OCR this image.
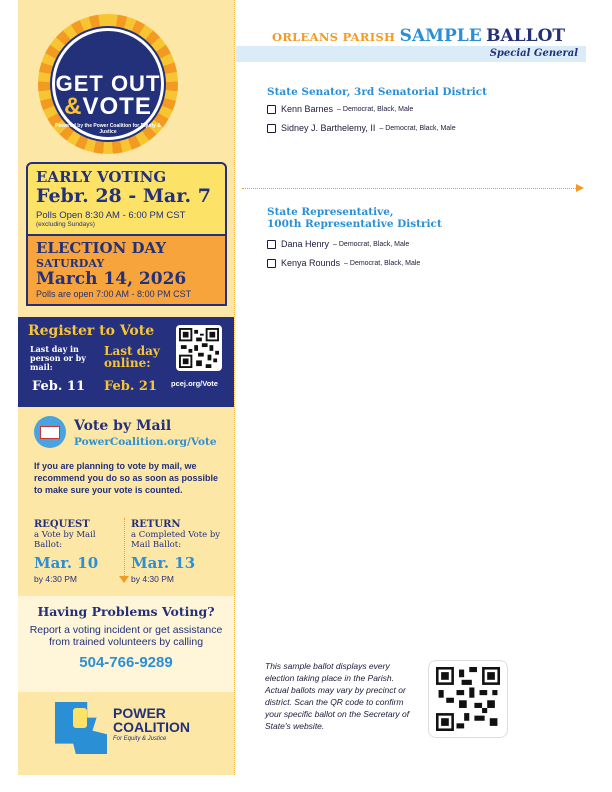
GET OUT
&VOTE
Powered by the Power Coalition for Equity & Justice
EARLY VOTING
Febr. 28 - Mar. 7
Polls Open 8:30 AM - 6:00 PM CST
(excluding Sundays)
ELECTION DAY
SATURDAY
March 14, 2026
Polls are open 7:00 AM - 8:00 PM CST
Register to Vote
Last day in person or by mail:
Last day online:
Feb. 11 Feb. 21 pcej.org/Vote
Vote by Mail
PowerCoalition.org/Vote
If you are planning to vote by mail, we recommend you do so as soon as possible to make sure your vote is counted.
REQUEST
a Vote by Mail Ballot:
Mar. 10
by 4:30 PM
RETURN
a Completed Vote by Mail Ballot:
Mar. 13
by 4:30 PM
Having Problems Voting?
Report a voting incident or get assistance from trained volunteers by calling
504-766-9289
POWER COALITION
For Equity & Justice
ORLEANS PARISH SAMPLE BALLOT
Special General
State Senator, 3rd Senatorial District
Kenn Barnes – Democrat, Black, Male
Sidney J. Barthelemy, II – Democrat, Black, Male
State Representative,
100th Representative District
Dana Henry – Democrat, Black, Male
Kenya Rounds – Democrat, Black, Male
This sample ballot displays every election taking place in the Parish. Actual ballots may vary by precinct or district. Scan the QR code to confirm your specific ballot on the Secretary of State's website.
